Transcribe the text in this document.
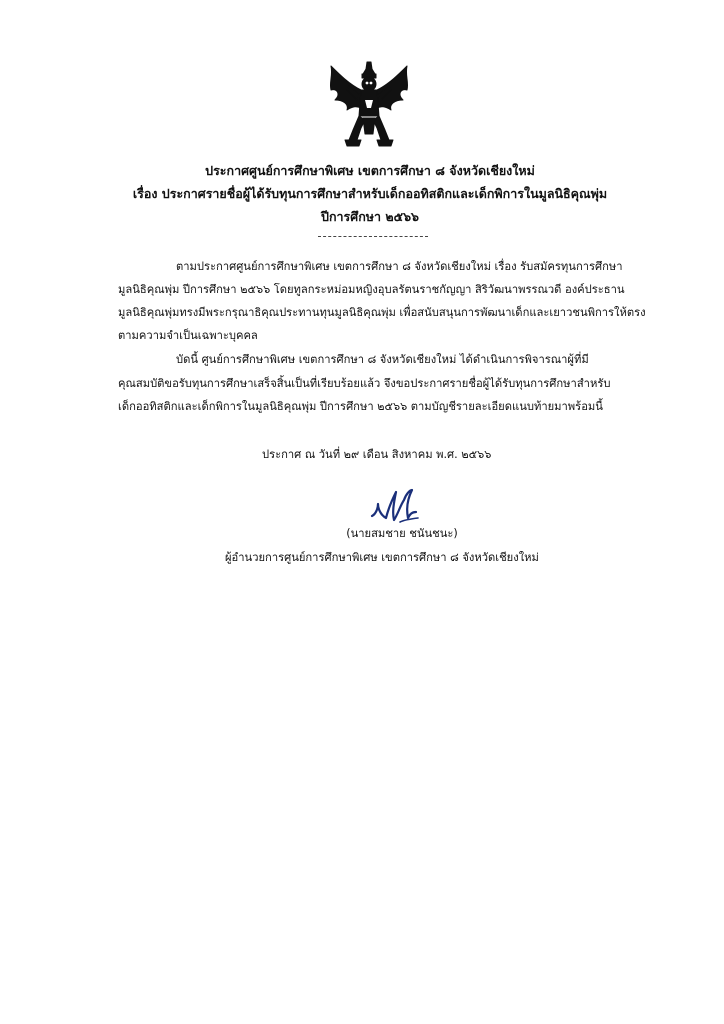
ประกาศศูนย์การศึกษาพิเศษ เขตการศึกษา ๘ จังหวัดเชียงใหม่
เรื่อง ประกาศรายชื่อผู้ได้รับทุนการศึกษาสำหรับเด็กออทิสติกและเด็กพิการในมูลนิธิคุณพุ่ม
ปีการศึกษา ๒๕๖๖
ตามประกาศศูนย์การศึกษาพิเศษ เขตการศึกษา ๘ จังหวัดเชียงใหม่ เรื่อง รับสมัครทุนการศึกษา
มูลนิธิคุณพุ่ม ปีการศึกษา ๒๕๖๖ โดยทูลกระหม่อมหญิงอุบลรัตนราชกัญญา สิริวัฒนาพรรณวดี องค์ประธาน
มูลนิธิคุณพุ่มทรงมีพระกรุณาธิคุณประทานทุนมูลนิธิคุณพุ่ม เพื่อสนับสนุนการพัฒนาเด็กและเยาวชนพิการให้ตรง
ตามความจำเป็นเฉพาะบุคคล
บัดนี้ ศูนย์การศึกษาพิเศษ เขตการศึกษา ๘ จังหวัดเชียงใหม่ ได้ดำเนินการพิจารณาผู้ที่มี
คุณสมบัติขอรับทุนการศึกษาเสร็จสิ้นเป็นที่เรียบร้อยแล้ว จึงขอประกาศรายชื่อผู้ได้รับทุนการศึกษาสำหรับ
เด็กออทิสติกและเด็กพิการในมูลนิธิคุณพุ่ม ปีการศึกษา ๒๕๖๖ ตามบัญชีรายละเอียดแนบท้ายมาพร้อมนี้
ประกาศ ณ วันที่ ๒๙ เดือน สิงหาคม พ.ศ. ๒๕๖๖
(นายสมชาย ชนันชนะ)
ผู้อำนวยการศูนย์การศึกษาพิเศษ เขตการศึกษา ๘ จังหวัดเชียงใหม่
